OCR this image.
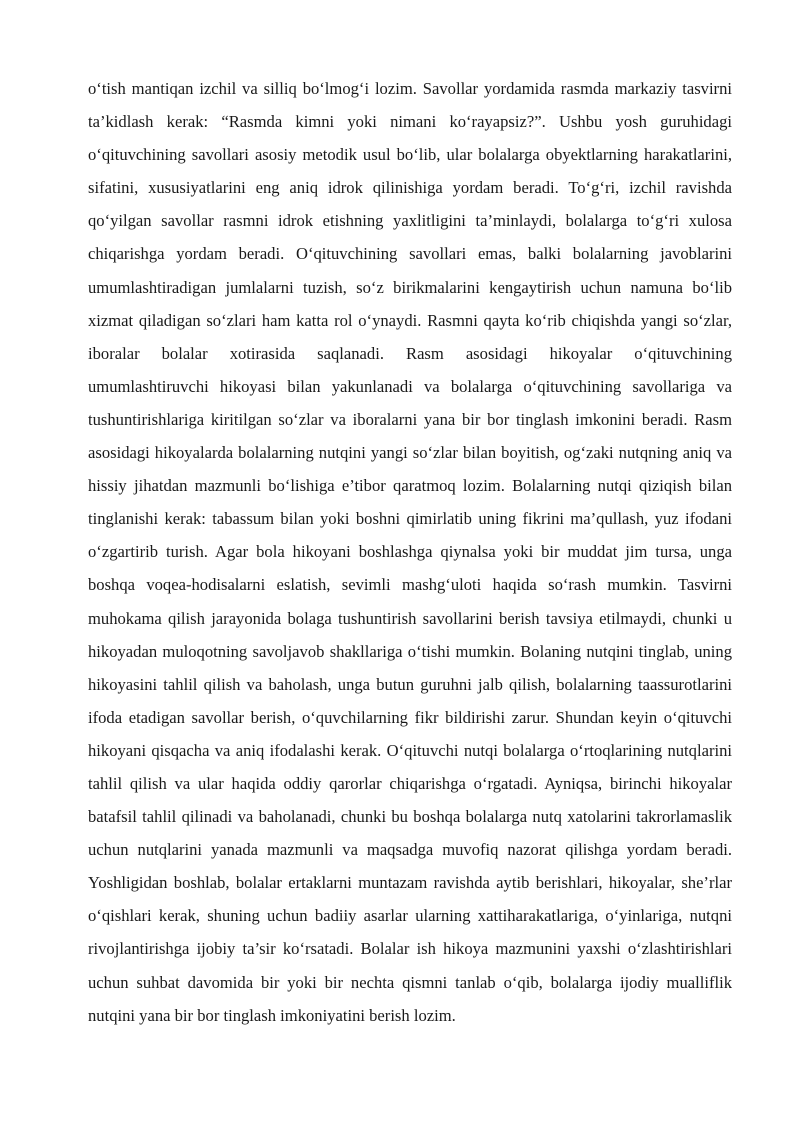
o‘tish mantiqan izchil va silliq bo‘lmog‘i lozim. Savollar yordamida rasmda markaziy tasvirni
ta’kidlash kerak: “Rasmda kimni yoki nimani ko‘rayapsiz?”. Ushbu yosh guruhidagi
o‘qituvchining savollari asosiy metodik usul bo‘lib, ular bolalarga obyektlarning harakatlarini,
sifatini, xususiyatlarini eng aniq idrok qilinishiga yordam beradi. To‘g‘ri, izchil ravishda
qo‘yilgan savollar rasmni idrok etishning yaxlitligini ta’minlaydi, bolalarga to‘g‘ri xulosa
chiqarishga yordam beradi. O‘qituvchining savollari emas, balki bolalarning javoblarini
umumlashtiradigan jumlalarni tuzish, so‘z birikmalarini kengaytirish uchun namuna bo‘lib
xizmat qiladigan so‘zlari ham katta rol o‘ynaydi. Rasmni qayta ko‘rib chiqishda yangi so‘zlar,
iboralar bolalar xotirasida saqlanadi. Rasm asosidagi hikoyalar o‘qituvchining
umumlashtiruvchi hikoyasi bilan yakunlanadi va bolalarga o‘qituvchining savollariga va
tushuntirishlariga kiritilgan so‘zlar va iboralarni yana bir bor tinglash imkonini beradi. Rasm
asosidagi hikoyalarda bolalarning nutqini yangi so‘zlar bilan boyitish, og‘zaki nutqning aniq va
hissiy jihatdan mazmunli bo‘lishiga e’tibor qaratmoq lozim. Bolalarning nutqi qiziqish bilan
tinglanishi kerak: tabassum bilan yoki boshni qimirlatib uning fikrini ma’qullash, yuz ifodani
o‘zgartirib turish. Agar bola hikoyani boshlashga qiynalsa yoki bir muddat jim tursa, unga
boshqa voqea-hodisalarni eslatish, sevimli mashg‘uloti haqida so‘rash mumkin. Tasvirni
muhokama qilish jarayonida bolaga tushuntirish savollarini berish tavsiya etilmaydi, chunki u
hikoyadan muloqotning savoljavob shakllariga o‘tishi mumkin. Bolaning nutqini tinglab, uning
hikoyasini tahlil qilish va baholash, unga butun guruhni jalb qilish, bolalarning taassurotlarini
ifoda etadigan savollar berish, o‘quvchilarning fikr bildirishi zarur. Shundan keyin o‘qituvchi
hikoyani qisqacha va aniq ifodalashi kerak. O‘qituvchi nutqi bolalarga o‘rtoqlarining nutqlarini
tahlil qilish va ular haqida oddiy qarorlar chiqarishga o‘rgatadi. Ayniqsa, birinchi hikoyalar
batafsil tahlil qilinadi va baholanadi, chunki bu boshqa bolalarga nutq xatolarini takrorlamaslik
uchun nutqlarini yanada mazmunli va maqsadga muvofiq nazorat qilishga yordam beradi.
Yoshligidan boshlab, bolalar ertaklarni muntazam ravishda aytib berishlari, hikoyalar, she’rlar
o‘qishlari kerak, shuning uchun badiiy asarlar ularning xattiharakatlariga, o‘yinlariga, nutqni
rivojlantirishga ijobiy ta’sir ko‘rsatadi. Bolalar ish hikoya mazmunini yaxshi o‘zlashtirishlari
uchun suhbat davomida bir yoki bir nechta qismni tanlab o‘qib, bolalarga ijodiy mualliflik
nutqini yana bir bor tinglash imkoniyatini berish lozim.
